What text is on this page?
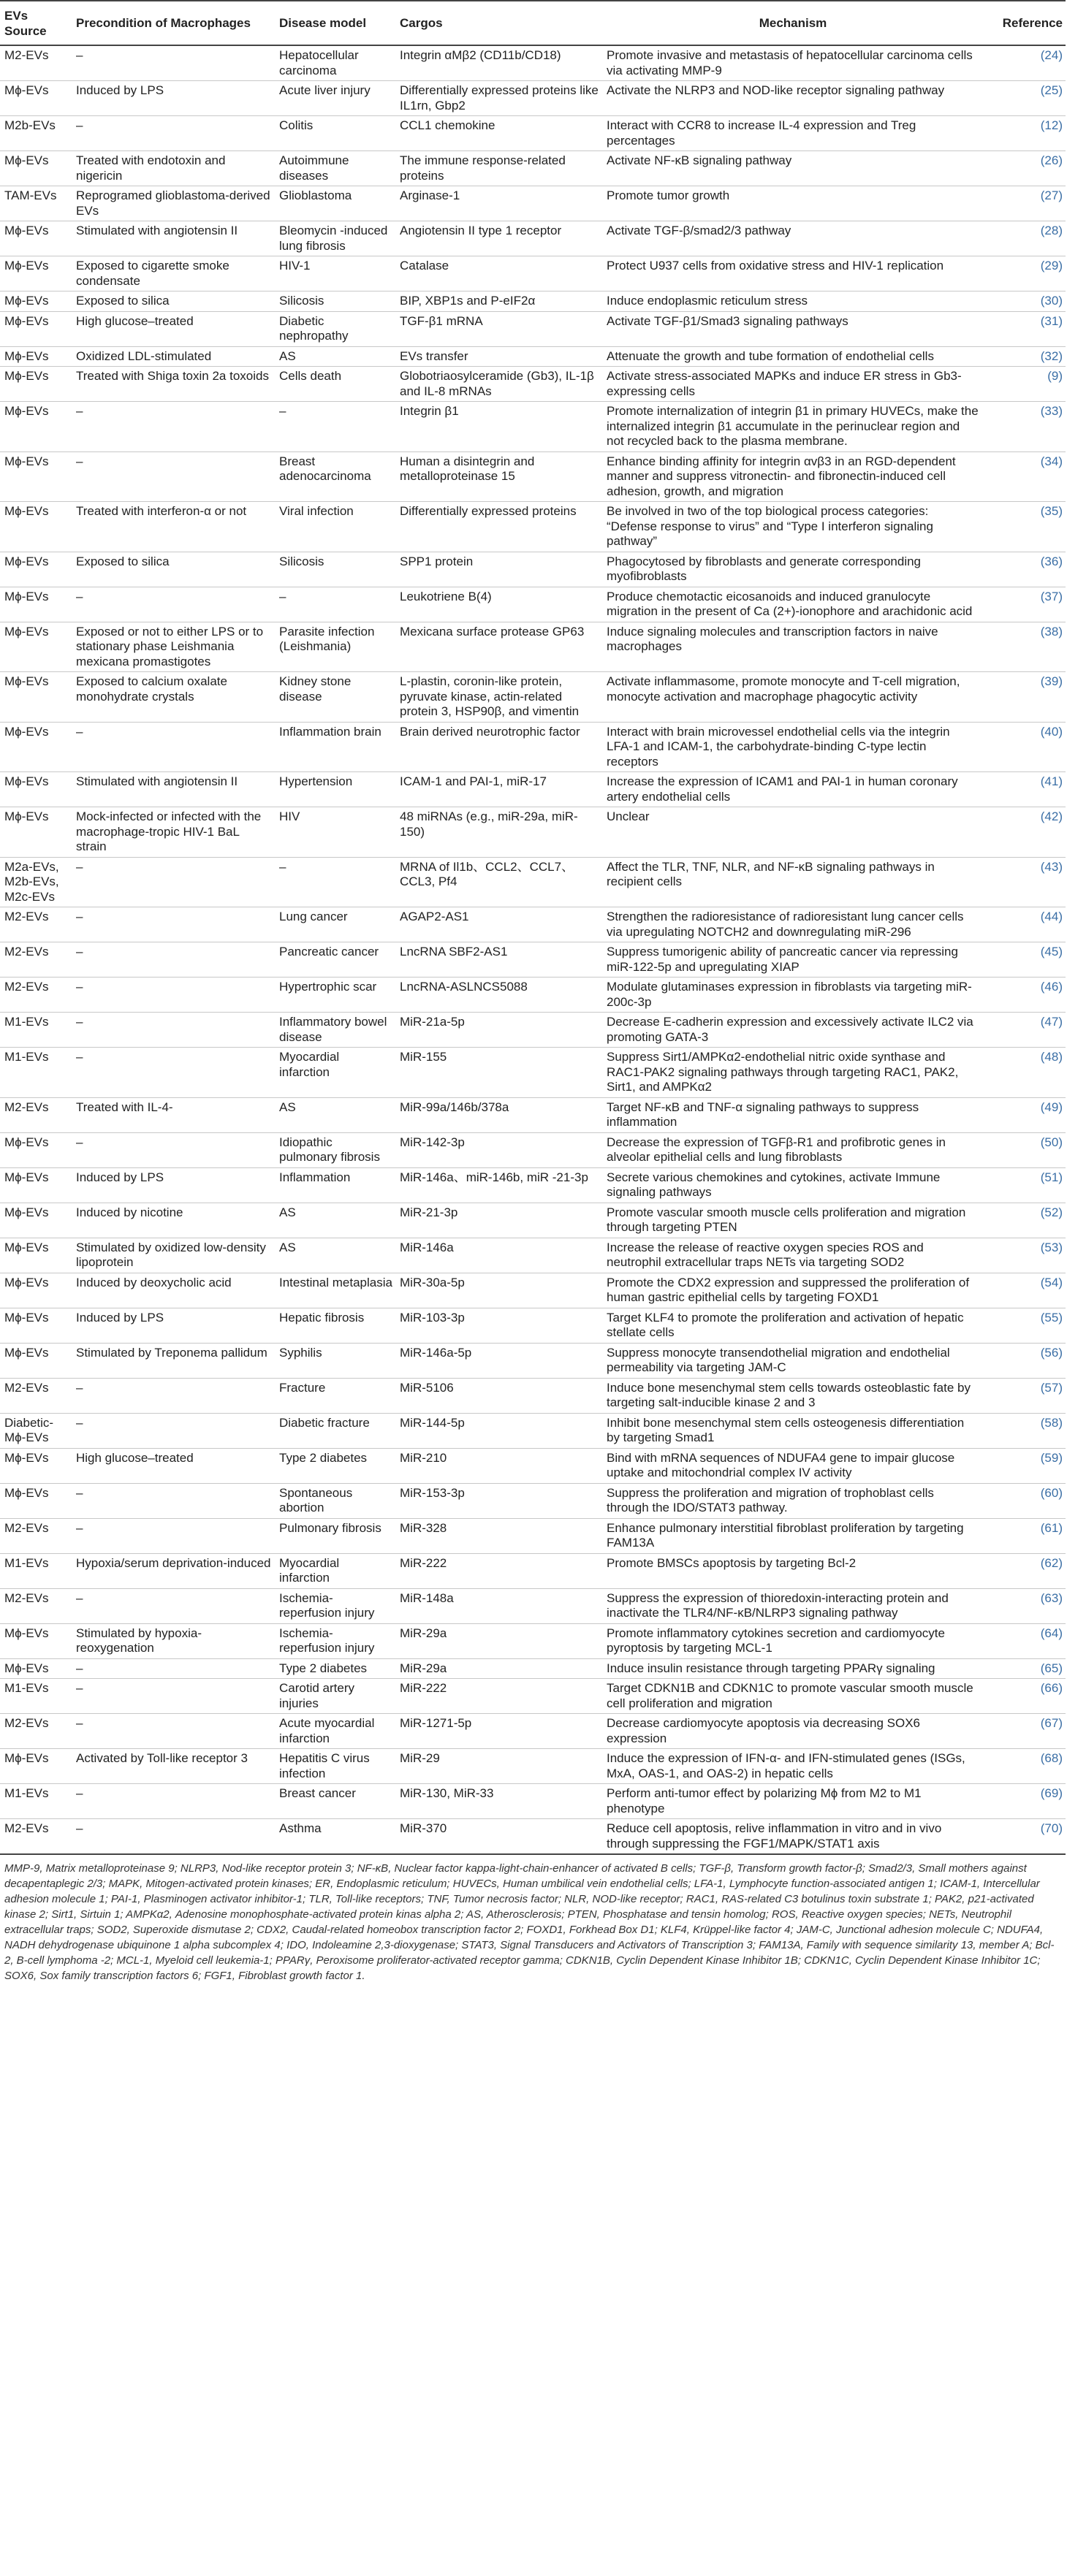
EVs Source	Precondition of Macrophages	Disease model	Cargos	Mechanism	Reference
M2-EVs	–	Hepatocellular carcinoma	Integrin αMβ2 (CD11b/CD18)	Promote invasive and metastasis of hepatocellular carcinoma cells via activating MMP-9	(24)
Mϕ-EVs	Induced by LPS	Acute liver injury	Differentially expressed proteins like IL1rn, Gbp2	Activate the NLRP3 and NOD-like receptor signaling pathway	(25)
M2b-EVs	–	Colitis	CCL1 chemokine	Interact with CCR8 to increase IL-4 expression and Treg percentages	(12)
Mϕ-EVs	Treated with endotoxin and nigericin	Autoimmune diseases	The immune response-related proteins	Activate NF-κB signaling pathway	(26)
TAM-EVs	Reprogramed glioblastoma-derived EVs	Glioblastoma	Arginase-1	Promote tumor growth	(27)
Mϕ-EVs	Stimulated with angiotensin II	Bleomycin -induced lung fibrosis	Angiotensin II type 1 receptor	Activate TGF-β/smad2/3 pathway	(28)
Mϕ-EVs	Exposed to cigarette smoke condensate	HIV-1	Catalase	Protect U937 cells from oxidative stress and HIV-1 replication	(29)
Mϕ-EVs	Exposed to silica	Silicosis	BIP, XBP1s and P-eIF2α	Induce endoplasmic reticulum stress	(30)
Mϕ-EVs	High glucose–treated	Diabetic nephropathy	TGF-β1 mRNA	Activate TGF-β1/Smad3 signaling pathways	(31)
Mϕ-EVs	Oxidized LDL-stimulated	AS	EVs transfer	Attenuate the growth and tube formation of endothelial cells	(32)
Mϕ-EVs	Treated with Shiga toxin 2a toxoids	Cells death	Globotriaosylceramide (Gb3), IL-1β and IL-8 mRNAs	Activate stress-associated MAPKs and induce ER stress in Gb3-expressing cells	(9)
Mϕ-EVs	–	–	Integrin β1	Promote internalization of integrin β1 in primary HUVECs, make the internalized integrin β1 accumulate in the perinuclear region and not recycled back to the plasma membrane.	(33)
Mϕ-EVs	–	Breast adenocarcinoma	Human a disintegrin and metalloproteinase 15	Enhance binding affinity for integrin αvβ3 in an RGD-dependent manner and suppress vitronectin- and fibronectin-induced cell adhesion, growth, and migration	(34)
Mϕ-EVs	Treated with interferon-α or not	Viral infection	Differentially expressed proteins	Be involved in two of the top biological process categories: “Defense response to virus” and “Type I interferon signaling pathway”	(35)
Mϕ-EVs	Exposed to silica	Silicosis	SPP1 protein	Phagocytosed by fibroblasts and generate corresponding myofibroblasts	(36)
Mϕ-EVs	–	–	Leukotriene B(4)	Produce chemotactic eicosanoids and induced granulocyte migration in the present of Ca (2+)-ionophore and arachidonic acid	(37)
Mϕ-EVs	Exposed or not to either LPS or to stationary phase Leishmania mexicana promastigotes	Parasite infection (Leishmania)	Mexicana surface protease GP63	Induce signaling molecules and transcription factors in naive macrophages	(38)
Mϕ-EVs	Exposed to calcium oxalate monohydrate crystals	Kidney stone disease	L-plastin, coronin-like protein, pyruvate kinase, actin-related protein 3, HSP90β, and vimentin	Activate inflammasome, promote monocyte and T-cell migration, monocyte activation and macrophage phagocytic activity	(39)
Mϕ-EVs	–	Inflammation brain	Brain derived neurotrophic factor	Interact with brain microvessel endothelial cells via the integrin LFA-1 and ICAM-1, the carbohydrate-binding C-type lectin receptors	(40)
Mϕ-EVs	Stimulated with angiotensin II	Hypertension	ICAM-1 and PAI-1, miR-17	Increase the expression of ICAM1 and PAI-1 in human coronary artery endothelial cells	(41)
Mϕ-EVs	Mock-infected or infected with the macrophage-tropic HIV-1 BaL strain	HIV	48 miRNAs (e.g., miR-29a, miR-150)	Unclear	(42)
M2a-EVs, M2b-EVs, M2c-EVs	–	–	MRNA of Il1b、CCL2、CCL7、CCL3, Pf4	Affect the TLR, TNF, NLR, and NF-κB signaling pathways in recipient cells	(43)
M2-EVs	–	Lung cancer	AGAP2-AS1	Strengthen the radioresistance of radioresistant lung cancer cells via upregulating NOTCH2 and downregulating miR-296	(44)
M2-EVs	–	Pancreatic cancer	LncRNA SBF2-AS1	Suppress tumorigenic ability of pancreatic cancer via repressing miR-122-5p and upregulating XIAP	(45)
M2-EVs	–	Hypertrophic scar	LncRNA-ASLNCS5088	Modulate glutaminases expression in fibroblasts via targeting miR-200c-3p	(46)
M1-EVs	–	Inflammatory bowel disease	MiR-21a-5p	Decrease E-cadherin expression and excessively activate ILC2 via promoting GATA-3	(47)
M1-EVs	–	Myocardial infarction	MiR-155	Suppress Sirt1/AMPKα2-endothelial nitric oxide synthase and RAC1-PAK2 signaling pathways through targeting RAC1, PAK2, Sirt1, and AMPKα2	(48)
M2-EVs	Treated with IL-4-	AS	MiR-99a/146b/378a	Target NF-κB and TNF-α signaling pathways to suppress inflammation	(49)
Mϕ-EVs	–	Idiopathic pulmonary fibrosis	MiR-142-3p	Decrease the expression of TGFβ-R1 and profibrotic genes in alveolar epithelial cells and lung fibroblasts	(50)
Mϕ-EVs	Induced by LPS	Inflammation	MiR-146a、miR-146b, miR -21-3p	Secrete various chemokines and cytokines, activate Immune signaling pathways	(51)
Mϕ-EVs	Induced by nicotine	AS	MiR-21-3p	Promote vascular smooth muscle cells proliferation and migration through targeting PTEN	(52)
Mϕ-EVs	Stimulated by oxidized low-density lipoprotein	AS	MiR-146a	Increase the release of reactive oxygen species ROS and neutrophil extracellular traps NETs via targeting SOD2	(53)
Mϕ-EVs	Induced by deoxycholic acid	Intestinal metaplasia	MiR-30a-5p	Promote the CDX2 expression and suppressed the proliferation of human gastric epithelial cells by targeting FOXD1	(54)
Mϕ-EVs	Induced by LPS	Hepatic fibrosis	MiR-103-3p	Target KLF4 to promote the proliferation and activation of hepatic stellate cells	(55)
Mϕ-EVs	Stimulated by Treponema pallidum	Syphilis	MiR-146a-5p	Suppress monocyte transendothelial migration and endothelial permeability via targeting JAM-C	(56)
M2-EVs	–	Fracture	MiR-5106	Induce bone mesenchymal stem cells towards osteoblastic fate by targeting salt-inducible kinase 2 and 3	(57)
Diabetic-Mϕ-EVs	–	Diabetic fracture	MiR-144-5p	Inhibit bone mesenchymal stem cells osteogenesis differentiation by targeting Smad1	(58)
Mϕ-EVs	High glucose–treated	Type 2 diabetes	MiR-210	Bind with mRNA sequences of NDUFA4 gene to impair glucose uptake and mitochondrial complex IV activity	(59)
Mϕ-EVs	–	Spontaneous abortion	MiR-153-3p	Suppress the proliferation and migration of trophoblast cells through the IDO/STAT3 pathway.	(60)
M2-EVs	–	Pulmonary fibrosis	MiR-328	Enhance pulmonary interstitial fibroblast proliferation by targeting FAM13A	(61)
M1-EVs	Hypoxia/serum deprivation-induced	Myocardial infarction	MiR-222	Promote BMSCs apoptosis by targeting Bcl-2	(62)
M2-EVs	–	Ischemia-reperfusion injury	MiR-148a	Suppress the expression of thioredoxin-interacting protein and inactivate the TLR4/NF-κB/NLRP3 signaling pathway	(63)
Mϕ-EVs	Stimulated by hypoxia-reoxygenation	Ischemia-reperfusion injury	MiR-29a	Promote inflammatory cytokines secretion and cardiomyocyte pyroptosis by targeting MCL-1	(64)
Mϕ-EVs	–	Type 2 diabetes	MiR-29a	Induce insulin resistance through targeting PPARγ signaling	(65)
M1-EVs	–	Carotid artery injuries	MiR-222	Target CDKN1B and CDKN1C to promote vascular smooth muscle cell proliferation and migration	(66)
M2-EVs	–	Acute myocardial infarction	MiR-1271-5p	Decrease cardiomyocyte apoptosis via decreasing SOX6 expression	(67)
Mϕ-EVs	Activated by Toll-like receptor 3	Hepatitis C virus infection	MiR-29	Induce the expression of IFN-α- and IFN-stimulated genes (ISGs, MxA, OAS-1, and OAS-2) in hepatic cells	(68)
M1-EVs	–	Breast cancer	MiR-130, MiR-33	Perform anti-tumor effect by polarizing Mϕ from M2 to M1 phenotype	(69)
M2-EVs	–	Asthma	MiR-370	Reduce cell apoptosis, relive inflammation in vitro and in vivo through suppressing the FGF1/MAPK/STAT1 axis	(70)
MMP-9, Matrix metalloproteinase 9; NLRP3, Nod-like receptor protein 3; NF-κB, Nuclear factor kappa-light-chain-enhancer of activated B cells; TGF-β, Transform growth factor-β; Smad2/3, Small mothers against decapentaplegic 2/3; MAPK, Mitogen-activated protein kinases; ER, Endoplasmic reticulum; HUVECs, Human umbilical vein endothelial cells; LFA-1, Lymphocyte function-associated antigen 1; ICAM-1, Intercellular adhesion molecule 1; PAI-1, Plasminogen activator inhibitor-1; TLR, Toll-like receptors; TNF, Tumor necrosis factor; NLR, NOD-like receptor; RAC1, RAS-related C3 botulinus toxin substrate 1; PAK2, p21-activated kinase 2; Sirt1, Sirtuin 1; AMPKα2, Adenosine monophosphate-activated protein kinas alpha 2; AS, Atherosclerosis; PTEN, Phosphatase and tensin homolog; ROS, Reactive oxygen species; NETs, Neutrophil extracellular traps; SOD2, Superoxide dismutase 2; CDX2, Caudal-related homeobox transcription factor 2; FOXD1, Forkhead Box D1; KLF4, Krüppel-like factor 4; JAM-C, Junctional adhesion molecule C; NDUFA4, NADH dehydrogenase ubiquinone 1 alpha subcomplex 4; IDO, Indoleamine 2,3-dioxygenase; STAT3, Signal Transducers and Activators of Transcription 3; FAM13A, Family with sequence similarity 13, member A; Bcl-2, B-cell lymphoma -2; MCL-1, Myeloid cell leukemia-1; PPARγ, Peroxisome proliferator-activated receptor gamma; CDKN1B, Cyclin Dependent Kinase Inhibitor 1B; CDKN1C, Cyclin Dependent Kinase Inhibitor 1C; SOX6, Sox family transcription factors 6; FGF1, Fibroblast growth factor 1.
